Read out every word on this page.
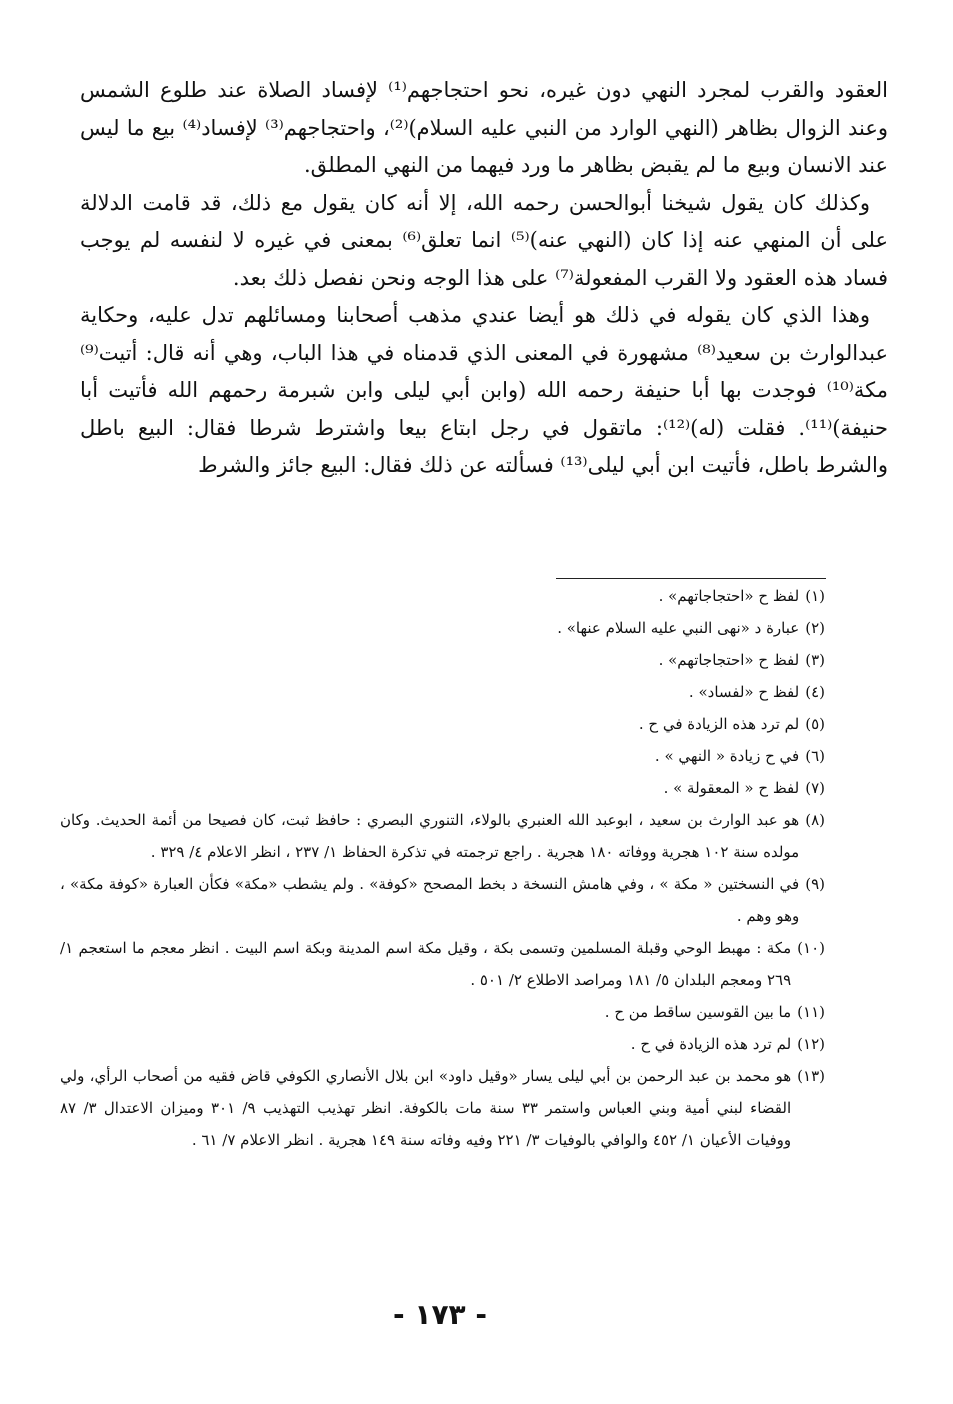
العقود والقرب لمجرد النهي دون غيره، نحو احتجاجهم⁽¹⁾ لإفساد الصلاة عند طلوع الشمس وعند الزوال بظاهر (النهي الوارد من النبي عليه السلام)⁽²⁾، واحتجاجهم⁽³⁾ لإفساد⁽⁴⁾ بيع ما ليس عند الانسان وبيع ما لم يقبض بظاهر ما ورد فيهما من النهي المطلق.

وكذلك كان يقول شيخنا أبوالحسن رحمه الله، إلا أنه كان يقول مع ذلك، قد قامت الدلالة على أن المنهي عنه إذا كان (النهي عنه)⁽⁵⁾ انما تعلق⁽⁶⁾ بمعنى في غيره لا لنفسه لم يوجب فساد هذه العقود ولا القرب المفعولة⁽⁷⁾ على هذا الوجه ونحن نفصل ذلك بعد.

وهذا الذي كان يقوله في ذلك هو أيضا عندي مذهب أصحابنا ومسائلهم تدل عليه، وحكاية عبدالوارث بن سعيد⁽⁸⁾ مشهورة في المعنى الذي قدمناه في هذا الباب، وهي أنه قال: أتيت⁽⁹⁾ مكة⁽¹⁰⁾ فوجدت بها أبا حنيفة رحمه الله (وابن أبي ليلى وابن شبرمة رحمهم الله فأتيت أبا حنيفة)⁽¹¹⁾. فقلت (له)⁽¹²⁾: ماتقول في رجل ابتاع بيعا واشترط شرطا فقال: البيع باطل والشرط باطل، فأتيت ابن أبي ليلى⁽¹³⁾ فسألته عن ذلك فقال: البيع جائز والشرط

(١)
لفظ ح «احتجاجاتهم» .
(٢)
عبارة د «نهى النبي عليه السلام عنها» .
(٣)
لفظ ح «احتجاجاتهم» .
(٤)
لفظ ح «لفساد» .
(٥)
لم ترد هذه الزيادة في ح .
(٦)
في ح زيادة « النهي » .
(٧)
لفظ ح « المعقولة » .
(٨)
هو عبد الوارث بن سعيد ، ابوعبد الله العنبري بالولاء، التنوري البصري : حافظ ثبت، كان فصيحا من أئمة الحديث. وكان مولده سنة ١٠٢ هجرية ووفاته ١٨٠ هجرية . راجع ترجمته في تذكرة الحفاظ ١/ ٢٣٧ ، انظر الاعلام ٤/ ٣٢٩ .
(٩)
في النسختين « مكة » ، وفي هامش النسخة د بخط المصحح «كوفة» . ولم يشطب «مكة» فكأن العبارة «كوفة مكة» ، وهو وهم .
(١٠)
مكة : مهبط الوحي وقبلة المسلمين وتسمى بكة ، وقيل مكة اسم المدينة وبكة اسم البيت . انظر معجم ما استعجم ١/ ٢٦٩ ومعجم البلدان ٥/ ١٨١ ومراصد الاطلاع ٢/ ٥٠١ .
(١١)
ما بين القوسين ساقط من ح .
(١٢)
لم ترد هذه الزيادة في ح .
(١٣)
هو محمد بن عبد الرحمن بن أبي ليلى يسار «وقيل داود» ابن بلال الأنصاري الكوفي قاض فقيه من أصحاب الرأي، ولي القضاء لبني أمية وبني العباس واستمر ٣٣ سنة مات بالكوفة. انظر تهذيب التهذيب ٩/ ٣٠١ وميزان الاعتدال ٣/ ٨٧ ووفيات الأعيان ١/ ٤٥٢ والوافي بالوفيات ٣/ ٢٢١ وفيه وفاته سنة ١٤٩ هجرية . انظر الاعلام ٧/ ٦١ .
- ١٧٣ -
